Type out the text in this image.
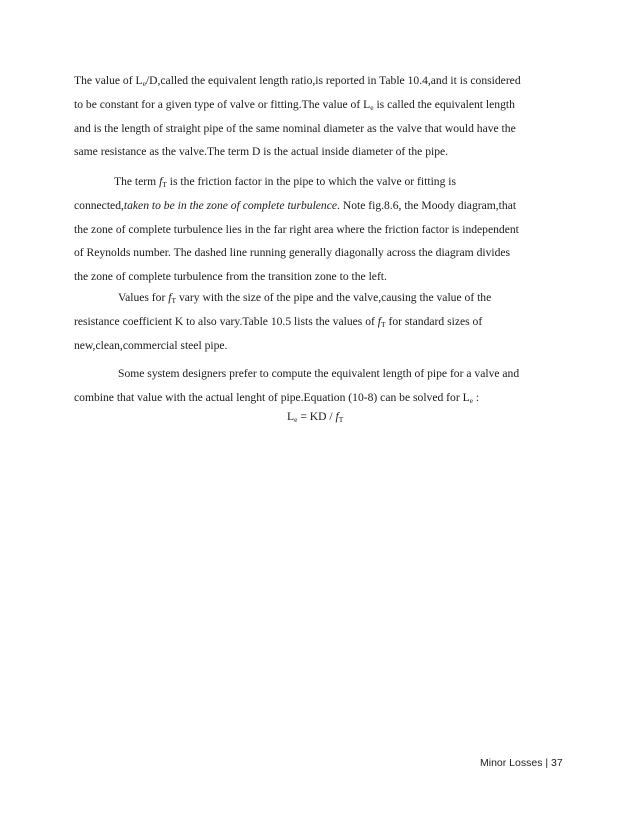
The value of $L_e/D,called$ the equivalent length ratio,is reported in Table 10.4,and it is considered
to be constant for a given type of valve or fitting.The value of $L_e$ is called the equivalent length
and is the length of straight pipe of the same nominal diameter as the valve that would have the
same resistance as the valve.The term D is the actual inside diameter of the pipe.
The term $f_T$ is the friction factor in the pipe to which the valve or fitting is
connected,taken to be in the zone of complete turbulence. Note fig.8.6, the Moody diagram,that
the zone of complete turbulence lies in the far right area where the friction factor is independent
of Reynolds number. The dashed line running generally diagonally across the diagram divides
the zone of complete turbulence from the transition zone to the left.
Values for $f_T$ vary with the size of the pipe and the valve,causing the value of the
resistance coefficient K to also vary.Table 10.5 lists the values of $f_T$ for standard sizes of
new,clean,commercial steel pipe.
Some system designers prefer to compute the equivalent length of pipe for a valve and
combine that value with the actual lenght of pipe.Equation (10-8) can be solved for $L_e$ :
$L_e$ = KD / $f_T$
Minor Losses | 37
